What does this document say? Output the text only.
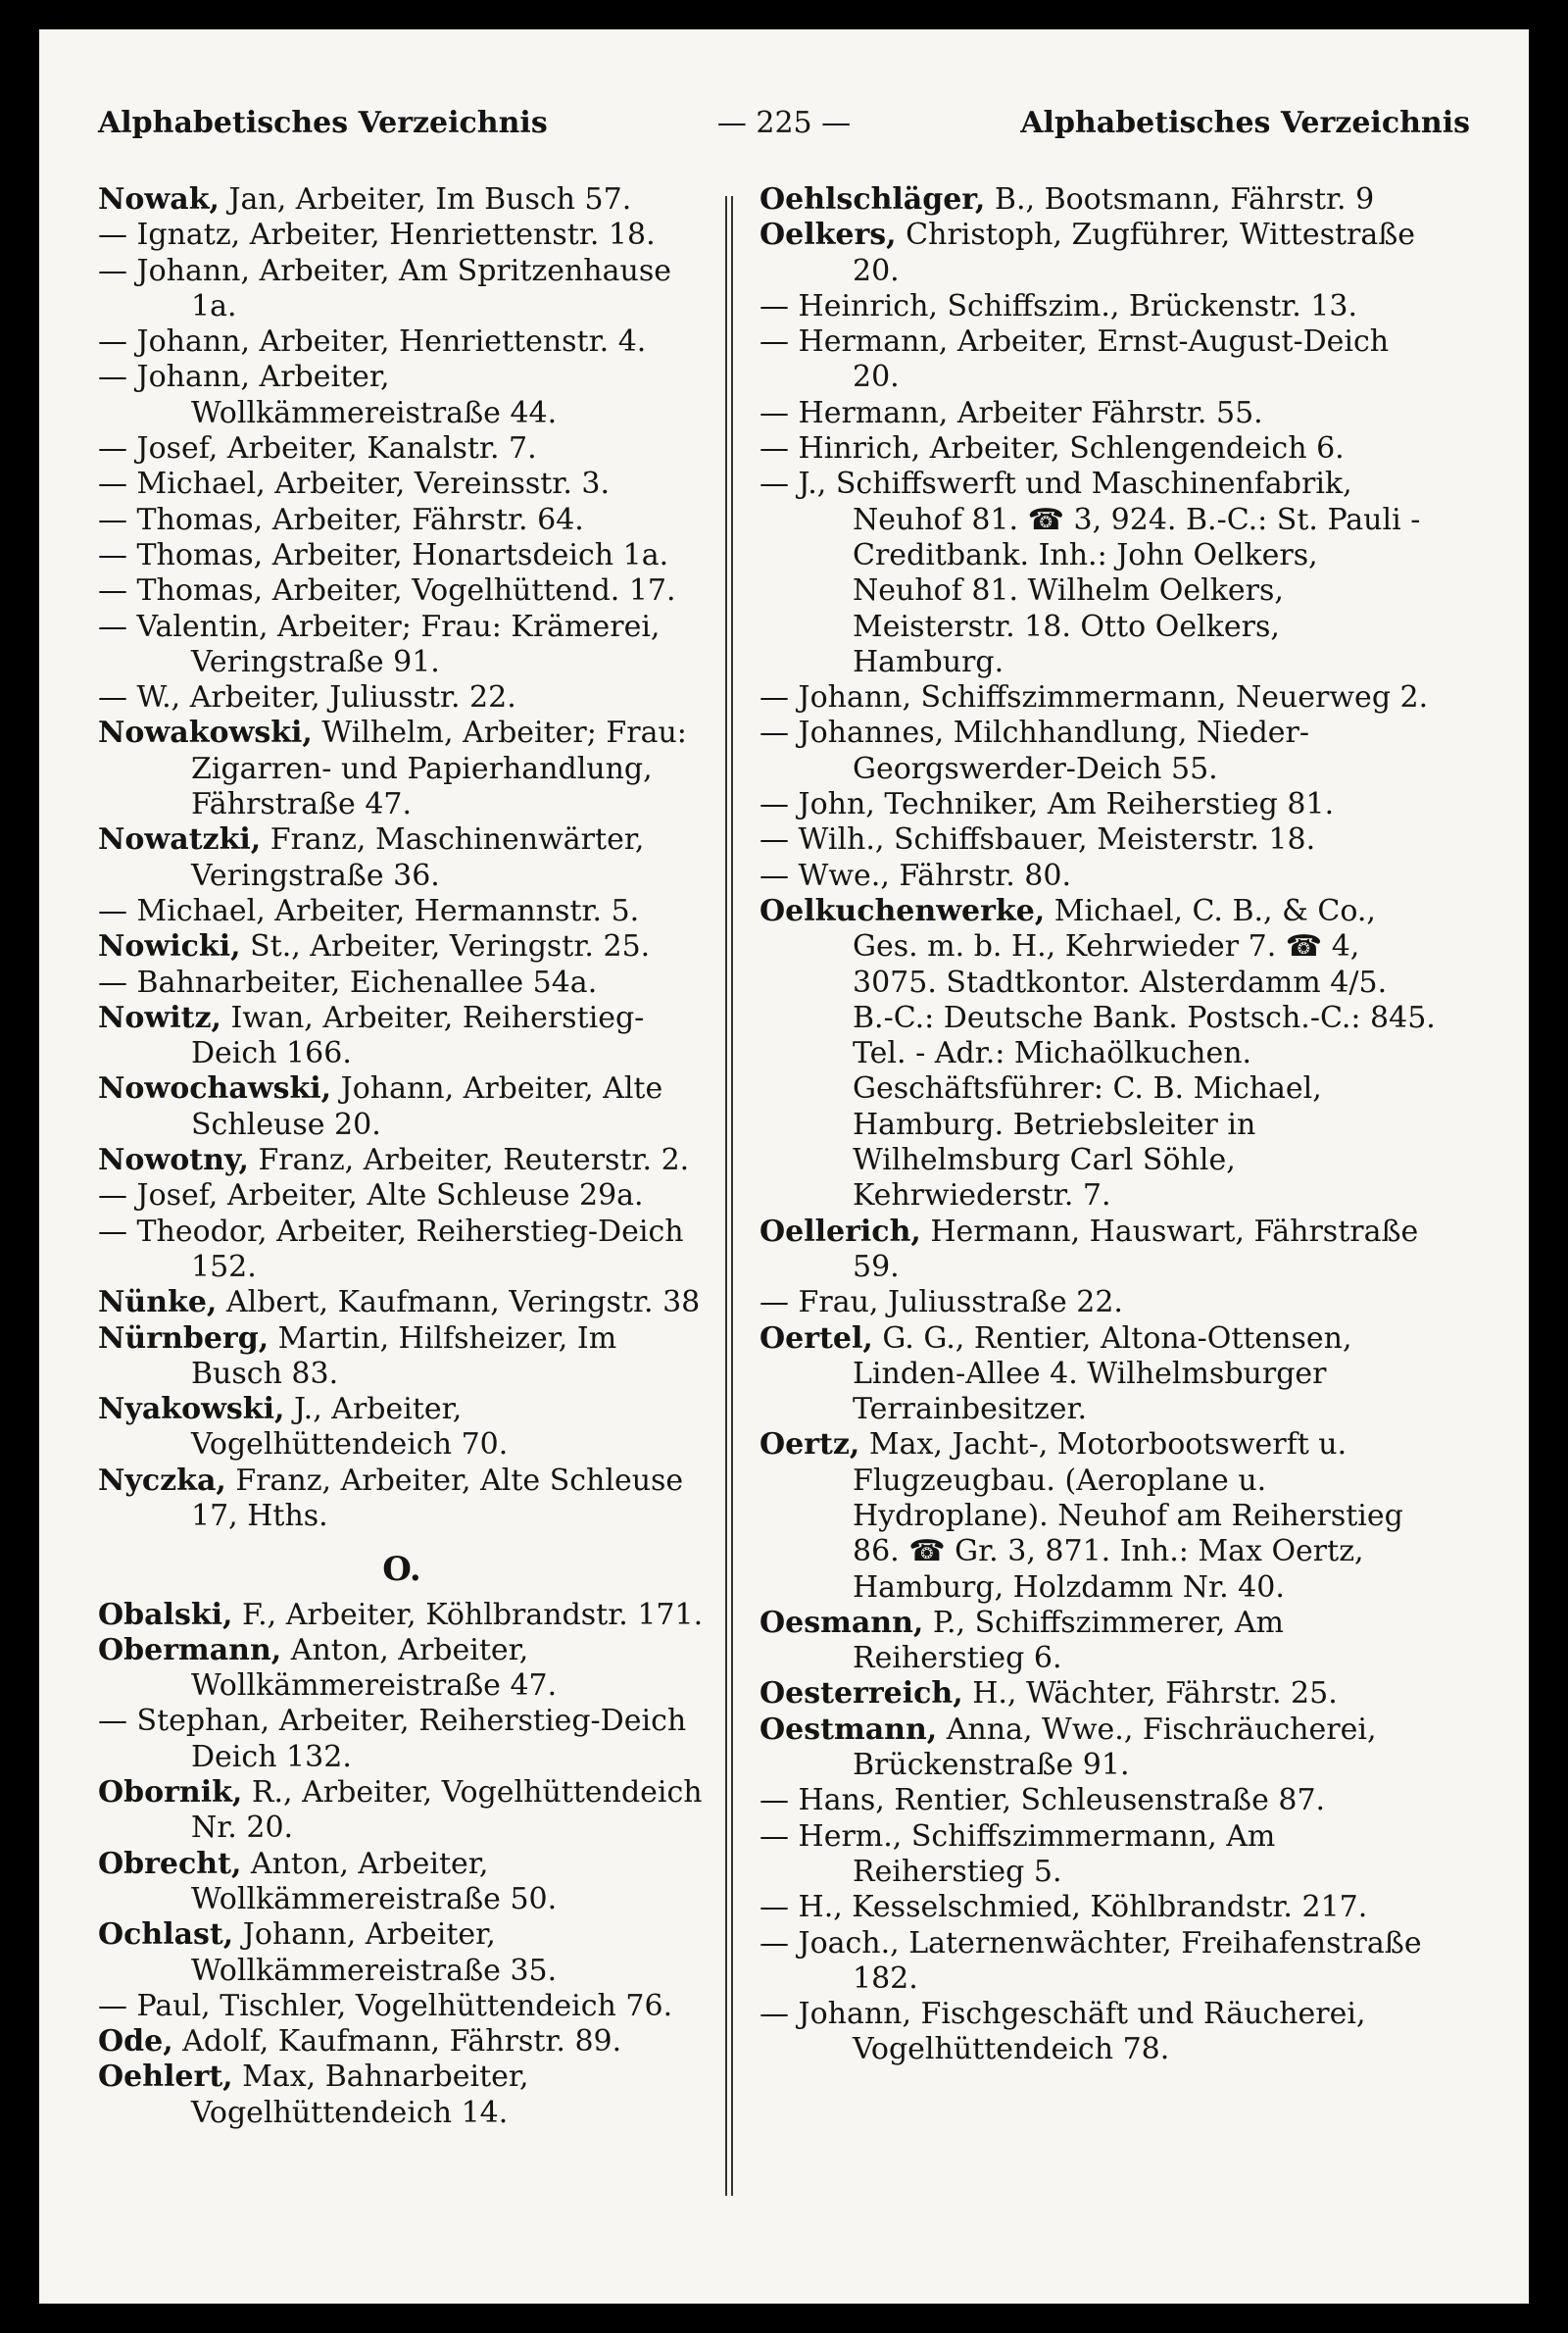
Alphabetisches Verzeichnis	— 225 —	Alphabetisches Verzeichnis

Nowak, Jan, Arbeiter, Im Busch 57.

— Ignatz, Arbeiter, Henriettenstr. 18.

— Johann, Arbeiter, Am Spritzenhause 1a.

— Johann, Arbeiter, Henriettenstr. 4.

— Johann, Arbeiter, Wollkämmereistraße 44.

— Josef, Arbeiter, Kanalstr. 7.

— Michael, Arbeiter, Vereinsstr. 3.

— Thomas, Arbeiter, Fährstr. 64.

— Thomas, Arbeiter, Honartsdeich 1a.

— Thomas, Arbeiter, Vogelhüttend. 17.

— Valentin, Arbeiter; Frau: Krämerei, Veringstraße 91.

— W., Arbeiter, Juliusstr. 22.

Nowakowski, Wilhelm, Arbeiter; Frau: Zigarren- und Papierhandlung, Fährstraße 47.

Nowatzki, Franz, Maschinenwärter, Veringstraße 36.

— Michael, Arbeiter, Hermannstr. 5.

Nowicki, St., Arbeiter, Veringstr. 25.

— Bahnarbeiter, Eichenallee 54a.

Nowitz, Iwan, Arbeiter, Reiherstieg-Deich 166.

Nowochawski, Johann, Arbeiter, Alte Schleuse 20.

Nowotny, Franz, Arbeiter, Reuterstr. 2.

— Josef, Arbeiter, Alte Schleuse 29a.

— Theodor, Arbeiter, Reiherstieg-Deich 152.

Nünke, Albert, Kaufmann, Veringstr. 38

Nürnberg, Martin, Hilfsheizer, Im Busch 83.

Nyakowski, J., Arbeiter, Vogelhüttendeich 70.

Nyczka, Franz, Arbeiter, Alte Schleuse 17, Hths.

O.

Obalski, F., Arbeiter, Köhlbrandstr. 171.

Obermann, Anton, Arbeiter, Wollkämmereistraße 47.

— Stephan, Arbeiter, Reiherstieg-Deich Deich 132.

Obornik, R., Arbeiter, Vogelhüttendeich Nr. 20.

Obrecht, Anton, Arbeiter, Wollkämmereistraße 50.

Ochlast, Johann, Arbeiter, Wollkämmereistraße 35.

— Paul, Tischler, Vogelhüttendeich 76.

Ode, Adolf, Kaufmann, Fährstr. 89.

Oehlert, Max, Bahnarbeiter, Vogelhüttendeich 14.

Oehlschläger, B., Bootsmann, Fährstr. 9

Oelkers, Christoph, Zugführer, Wittestraße 20.

— Heinrich, Schiffszim., Brückenstr. 13.

— Hermann, Arbeiter, Ernst-August-Deich 20.

— Hermann, Arbeiter Fährstr. 55.

— Hinrich, Arbeiter, Schlengendeich 6.

— J., Schiffswerft und Maschinenfabrik, Neuhof 81. ☎ 3, 924. B.-C.: St. Pauli - Creditbank. Inh.: John Oelkers, Neuhof 81. Wilhelm Oelkers, Meisterstr. 18. Otto Oelkers, Hamburg.

— Johann, Schiffszimmermann, Neuerweg 2.

— Johannes, Milchhandlung, Nieder-Georgswerder-Deich 55.

— John, Techniker, Am Reiherstieg 81.

— Wilh., Schiffsbauer, Meisterstr. 18.

— Wwe., Fährstr. 80.

Oelkuchenwerke, Michael, C. B., & Co., Ges. m. b. H., Kehrwieder 7. ☎ 4, 3075. Stadtkontor. Alsterdamm 4/5. B.-C.: Deutsche Bank. Postsch.-C.: 845. Tel. - Adr.: Michaölkuchen. Geschäftsführer: C. B. Michael, Hamburg. Betriebsleiter in Wilhelmsburg Carl Söhle, Kehrwiederstr. 7.

Oellerich, Hermann, Hauswart, Fährstraße 59.

— Frau, Juliusstraße 22.

Oertel, G. G., Rentier, Altona-Ottensen, Linden-Allee 4. Wilhelmsburger Terrainbesitzer.

Oertz, Max, Jacht-, Motorbootswerft u. Flugzeugbau. (Aeroplane u. Hydroplane). Neuhof am Reiherstieg 86. ☎ Gr. 3, 871. Inh.: Max Oertz, Hamburg, Holzdamm Nr. 40.

Oesmann, P., Schiffszimmerer, Am Reiherstieg 6.

Oesterreich, H., Wächter, Fährstr. 25.

Oestmann, Anna, Wwe., Fischräucherei, Brückenstraße 91.

— Hans, Rentier, Schleusenstraße 87.

— Herm., Schiffszimmermann, Am Reiherstieg 5.

— H., Kesselschmied, Köhlbrandstr. 217.

— Joach., Laternenwächter, Freihafenstraße 182.

— Johann, Fischgeschäft und Räucherei, Vogelhüttendeich 78.
